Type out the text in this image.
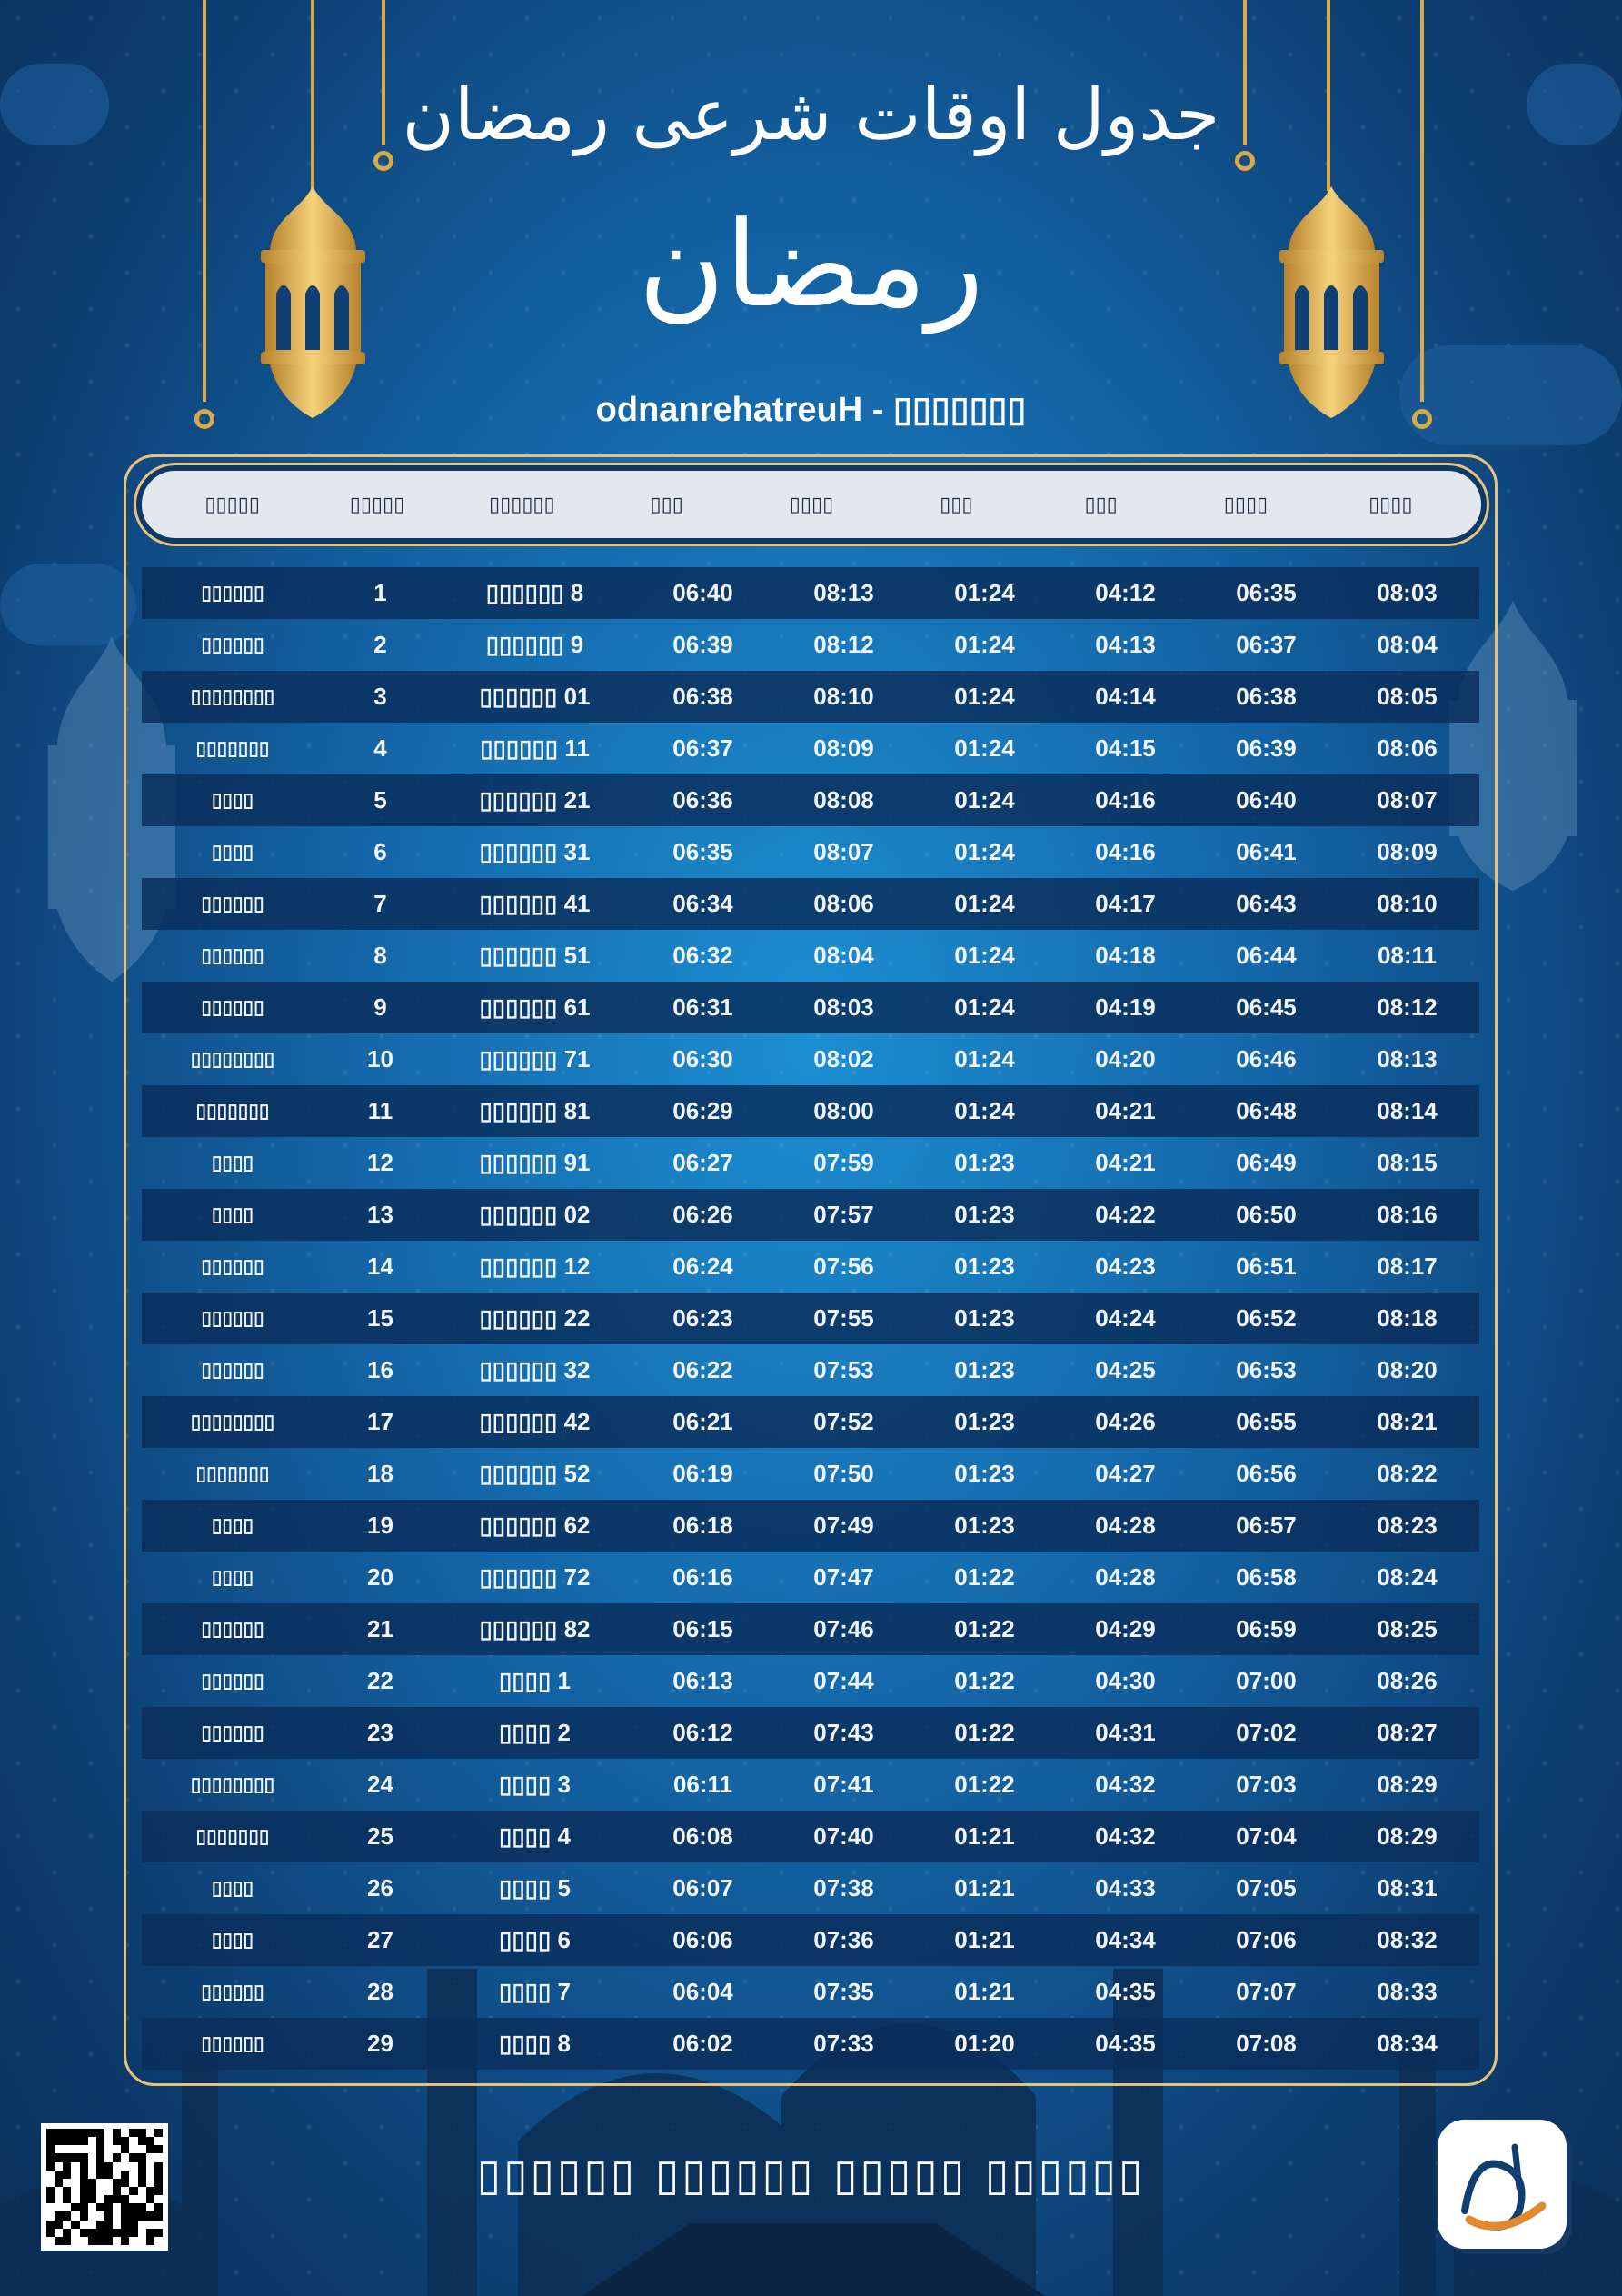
جدول اوقات شرعی رمضان
رمضان
odnanrehatreuH - ▯▯▯▯▯▯▯
▯▯▯▯▯	▯▯▯▯▯	▯▯▯▯▯▯	▯▯▯	▯▯▯▯	▯▯▯	▯▯▯	▯▯▯▯	▯▯▯▯
▯▯▯▯▯▯	1	▯▯▯▯▯▯ 8	06:40	08:13	01:24	04:12	06:35	08:03
▯▯▯▯▯▯	2	▯▯▯▯▯▯ 9	06:39	08:12	01:24	04:13	06:37	08:04
▯▯▯▯▯▯▯▯	3	▯▯▯▯▯▯ 01	06:38	08:10	01:24	04:14	06:38	08:05
▯▯▯▯▯▯▯	4	▯▯▯▯▯▯ 11	06:37	08:09	01:24	04:15	06:39	08:06
▯▯▯▯	5	▯▯▯▯▯▯ 21	06:36	08:08	01:24	04:16	06:40	08:07
▯▯▯▯	6	▯▯▯▯▯▯ 31	06:35	08:07	01:24	04:16	06:41	08:09
▯▯▯▯▯▯	7	▯▯▯▯▯▯ 41	06:34	08:06	01:24	04:17	06:43	08:10
▯▯▯▯▯▯	8	▯▯▯▯▯▯ 51	06:32	08:04	01:24	04:18	06:44	08:11
▯▯▯▯▯▯	9	▯▯▯▯▯▯ 61	06:31	08:03	01:24	04:19	06:45	08:12
▯▯▯▯▯▯▯▯	10	▯▯▯▯▯▯ 71	06:30	08:02	01:24	04:20	06:46	08:13
▯▯▯▯▯▯▯	11	▯▯▯▯▯▯ 81	06:29	08:00	01:24	04:21	06:48	08:14
▯▯▯▯	12	▯▯▯▯▯▯ 91	06:27	07:59	01:23	04:21	06:49	08:15
▯▯▯▯	13	▯▯▯▯▯▯ 02	06:26	07:57	01:23	04:22	06:50	08:16
▯▯▯▯▯▯	14	▯▯▯▯▯▯ 12	06:24	07:56	01:23	04:23	06:51	08:17
▯▯▯▯▯▯	15	▯▯▯▯▯▯ 22	06:23	07:55	01:23	04:24	06:52	08:18
▯▯▯▯▯▯	16	▯▯▯▯▯▯ 32	06:22	07:53	01:23	04:25	06:53	08:20
▯▯▯▯▯▯▯▯	17	▯▯▯▯▯▯ 42	06:21	07:52	01:23	04:26	06:55	08:21
▯▯▯▯▯▯▯	18	▯▯▯▯▯▯ 52	06:19	07:50	01:23	04:27	06:56	08:22
▯▯▯▯	19	▯▯▯▯▯▯ 62	06:18	07:49	01:23	04:28	06:57	08:23
▯▯▯▯	20	▯▯▯▯▯▯ 72	06:16	07:47	01:22	04:28	06:58	08:24
▯▯▯▯▯▯	21	▯▯▯▯▯▯ 82	06:15	07:46	01:22	04:29	06:59	08:25
▯▯▯▯▯▯	22	▯▯▯▯ 1	06:13	07:44	01:22	04:30	07:00	08:26
▯▯▯▯▯▯	23	▯▯▯▯ 2	06:12	07:43	01:22	04:31	07:02	08:27
▯▯▯▯▯▯▯▯	24	▯▯▯▯ 3	06:11	07:41	01:22	04:32	07:03	08:29
▯▯▯▯▯▯▯	25	▯▯▯▯ 4	06:08	07:40	01:21	04:32	07:04	08:29
▯▯▯▯	26	▯▯▯▯ 5	06:07	07:38	01:21	04:33	07:05	08:31
▯▯▯▯	27	▯▯▯▯ 6	06:06	07:36	01:21	04:34	07:06	08:32
▯▯▯▯▯▯	28	▯▯▯▯ 7	06:04	07:35	01:21	04:35	07:07	08:33
▯▯▯▯▯▯	29	▯▯▯▯ 8	06:02	07:33	01:20	04:35	07:08	08:34
▯▯▯▯▯▯ ▯▯▯▯▯▯ ▯▯▯▯▯ ▯▯▯▯▯▯
